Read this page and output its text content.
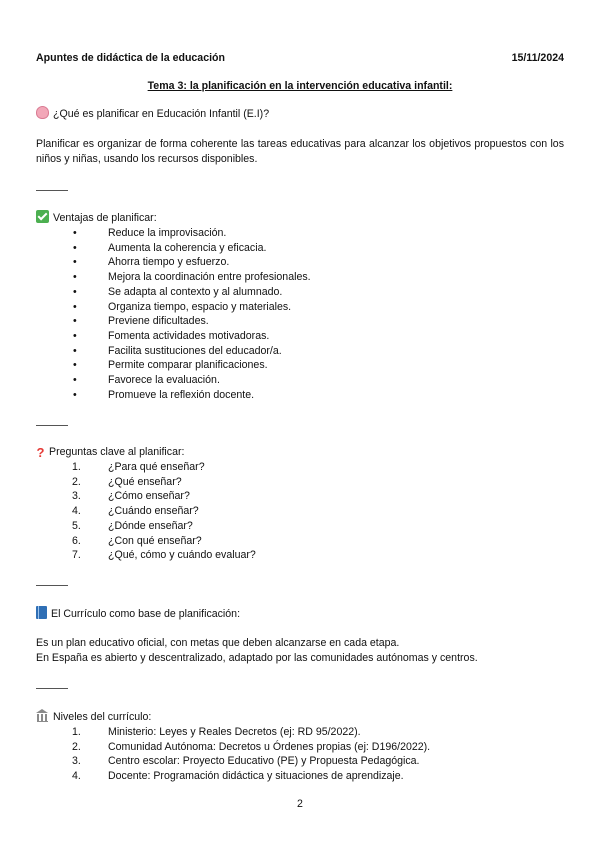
Apuntes de didáctica de la educación	15/11/2024
Tema 3: la planificación en la intervención educativa infantil:
¿Qué es planificar en Educación Infantil (E.I)?
Planificar es organizar de forma coherente las tareas educativas para alcanzar los objetivos propuestos con los niños y niñas, usando los recursos disponibles.
Ventajas de planificar:
• Reduce la improvisación.
• Aumenta la coherencia y eficacia.
• Ahorra tiempo y esfuerzo.
• Mejora la coordinación entre profesionales.
• Se adapta al contexto y al alumnado.
• Organiza tiempo, espacio y materiales.
• Previene dificultades.
• Fomenta actividades motivadoras.
• Facilita sustituciones del educador/a.
• Permite comparar planificaciones.
• Favorece la evaluación.
• Promueve la reflexión docente.
? Preguntas clave al planificar:
1.	¿Para qué enseñar?
2.	¿Qué enseñar?
3.	¿Cómo enseñar?
4.	¿Cuándo enseñar?
5.	¿Dónde enseñar?
6.	¿Con qué enseñar?
7.	¿Qué, cómo y cuándo evaluar?
El Currículo como base de planificación:
Es un plan educativo oficial, con metas que deben alcanzarse en cada etapa.
En España es abierto y descentralizado, adaptado por las comunidades autónomas y centros.
Niveles del currículo:
1.	Ministerio: Leyes y Reales Decretos (ej: RD 95/2022).
2.	Comunidad Autónoma: Decretos u Órdenes propias (ej: D196/2022).
3.	Centro escolar: Proyecto Educativo (PE) y Propuesta Pedagógica.
4.	Docente: Programación didáctica y situaciones de aprendizaje.
2
